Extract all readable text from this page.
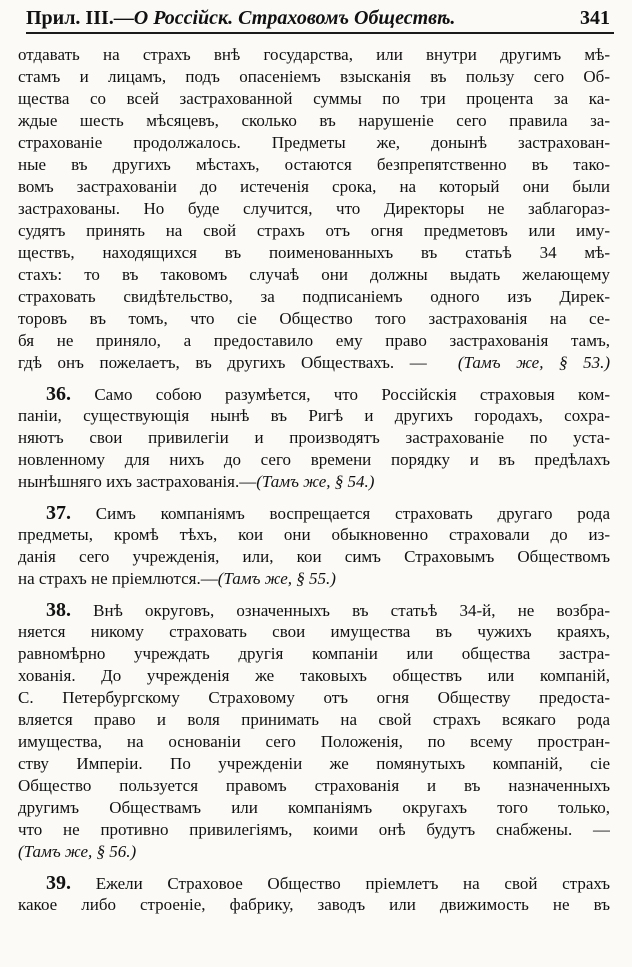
Прил. III.—О Россійск. Страховомъ Обществѣ.	341
отдавать на страхъ внѣ государства, или внутри другимъ мѣ-
стамъ и лицамъ, подъ опасеніемъ взысканія въ пользу сего Об-
щества со всей застрахованной суммы по три процента за ка-
ждые шесть мѣсяцевъ, сколько въ нарушеніе сего правила за-
страхованіе продолжалось. Предметы же, донынѣ застрахован-
ные въ другихъ мѣстахъ, остаются безпрепятственно въ тако-
вомъ застрахованіи до истеченія срока, на который они были
застрахованы. Но буде случится, что Директоры не заблагораз-
судятъ принять на свой страхъ отъ огня предметовъ или иму-
ществъ, находящихся въ поименованныхъ въ статьѣ 34 мѣ-
стахъ: то въ таковомъ случаѣ они должны выдать желающему
страховать свидѣтельство, за подписаніемъ одного изъ Дирек-
торовъ въ томъ, что сіе Общество того застрахованія на се-
бя не приняло, а предоставило ему право застрахованія тамъ,
гдѣ онъ пожелаетъ, въ другихъ Обществахъ. — (Тамъ же, § 53.)
36. Само собою разумѣется, что Россійскія страховыя ком-
паніи, существующія нынѣ въ Ригѣ и другихъ городахъ, сохра-
няютъ свои привилегіи и производятъ застрахованіе по уста-
новленному для нихъ до сего времени порядку и въ предѣлахъ
нынѣшняго ихъ застрахованія.—(Тамъ же, § 54.)
37. Симъ компаніямъ воспрещается страховать другаго рода
предметы, кромѣ тѣхъ, кои они обыкновенно страховали до из-
данія сего учрежденія, или, кои симъ Страховымъ Обществомъ
на страхъ не пріемлются.—(Тамъ же, § 55.)
38. Внѣ округовъ, означенныхъ въ статьѣ 34-й, не возбра-
няется никому страховать свои имущества въ чужихъ краяхъ,
равномѣрно учреждать другія компаніи или общества застра-
хованія. До учрежденія же таковыхъ обществъ или компаній,
С. Петербургскому Страховому отъ огня Обществу предоста-
вляется право и воля принимать на свой страхъ всякаго рода
имущества, на основаніи сего Положенія, по всему простран-
ству Имперіи. По учрежденіи же помянутыхъ компаній, сіе
Общество пользуется правомъ страхованія и въ назначенныхъ
другимъ Обществамъ или компаніямъ округахъ того только,
что не противно привилегіямъ, коими онѣ будутъ снабжены. —
(Тамъ же, § 56.)
39. Ежели Страховое Общество пріемлетъ на свой страхъ
какое либо строеніе, фабрику, заводъ или движимость не въ
